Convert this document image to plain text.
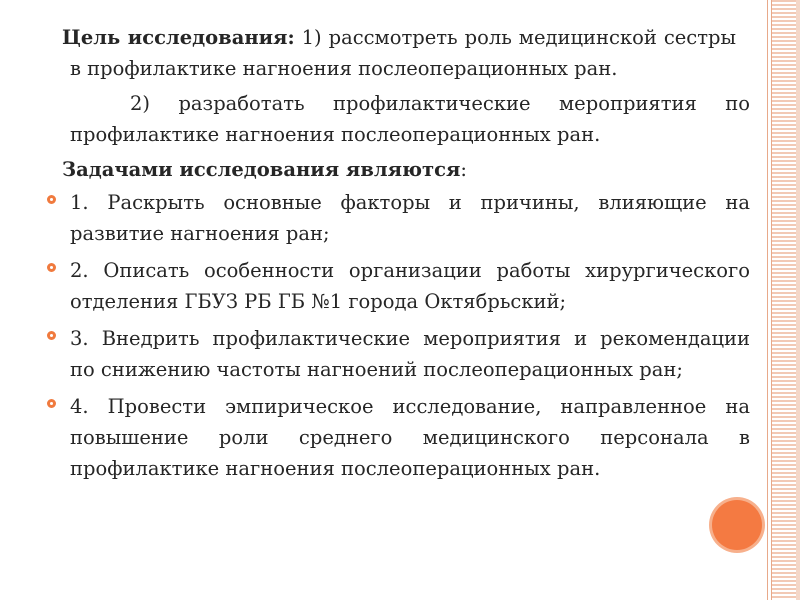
Цель исследования: 1) рассмотреть роль медицинской сестры

в профилактике нагноения послеоперационных ран.

2) разработать профилактические мероприятия по
профилактике нагноения послеоперационных ран.

Задачами исследования являются:

1. Раскрыть основные факторы и причины, влияющие на
развитие нагноения ран;
2. Описать особенности организации работы хирургического
отделения ГБУЗ РБ ГБ №1 города Октябрьский;
3. Внедрить профилактические мероприятия и рекомендации
по снижению частоты нагноений послеоперационных ран;
4. Провести эмпирическое исследование, направленное на
повышение роли среднего медицинского персонала в
профилактике нагноения послеоперационных ран.
